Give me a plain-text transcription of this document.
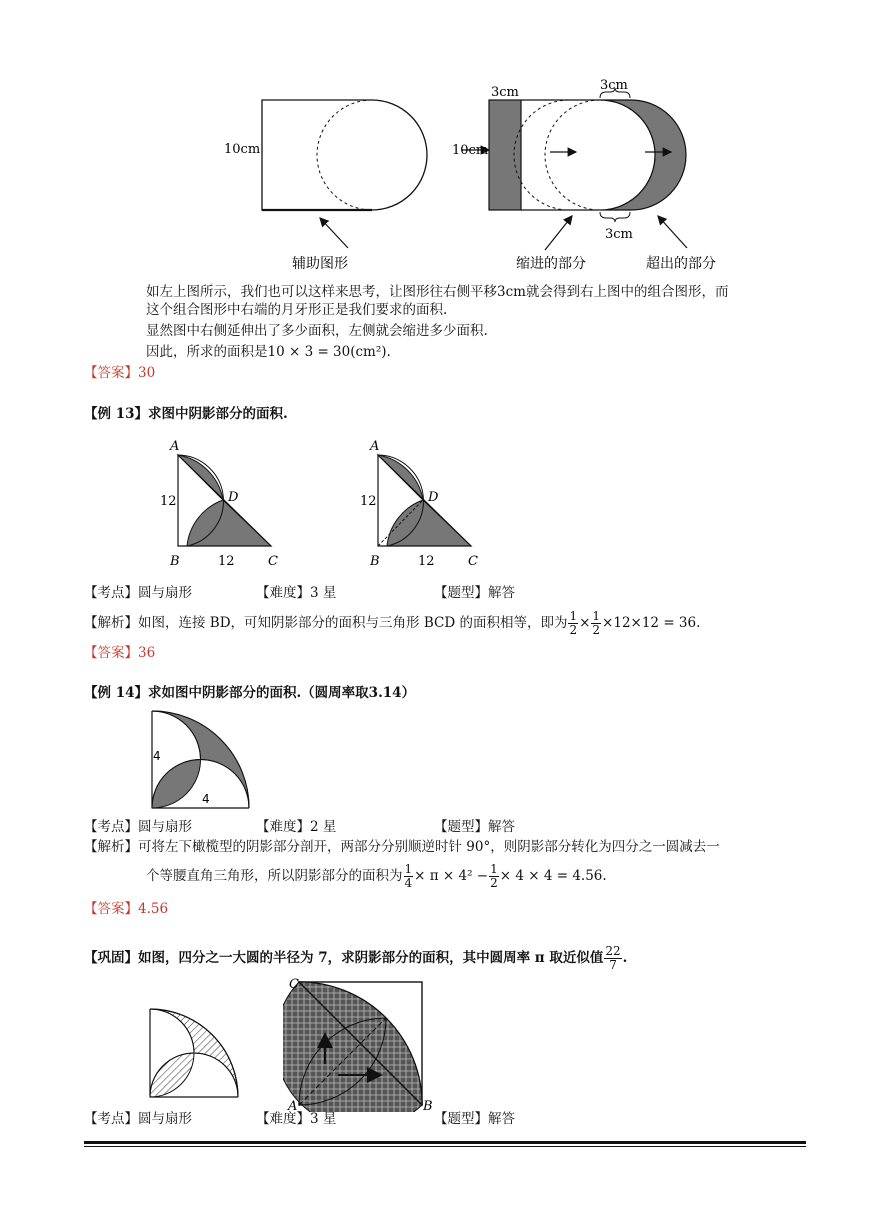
10cm
辅助图形
3cm	3cm
3cm
10cm
缩进的部分	超出的部分
如左上图所示，我们也可以这样来思考，让图形往右侧平移3cm就会得到右上图中的组合图形，而
这个组合图形中右端的月牙形正是我们要求的面积.
显然图中右侧延伸出了多少面积，左侧就会缩进多少面积.
因此，所求的面积是10 × 3 = 30(cm²).
【答案】30
【例 13】求图中阴影部分的面积.
A
D
12
B	12	C
A
D
12
B	12	C
【考点】圆与扇形	【难度】3 星	【题型】解答
【解析】如图，连接 BD，可知阴影部分的面积与三角形 BCD 的面积相等，即为 $\frac{1}{2} \times \frac{1}{2} \times 12\times 12 = 36$.
【答案】36
【例 14】求如图中阴影部分的面积.（圆周率取3.14）
4
4
【考点】圆与扇形	【难度】2 星	【题型】解答
【解析】可将左下橄榄型的阴影部分剖开，两部分分别顺逆时针 90°，则阴影部分转化为四分之一圆减去一
个等腰直角三角形，所以阴影部分的面积为 $\frac{1}{4} \times \pi \times 4^2 - \frac{1}{2} \times 4 \times 4 = 4.56$.
【答案】4.56
【巩固】如图，四分之一大圆的半径为 7，求阴影部分的面积，其中圆周率 π 取近似值 $\frac{22}{7}$ .
C
A	B
【考点】圆与扇形	【难度】3 星	【题型】解答
